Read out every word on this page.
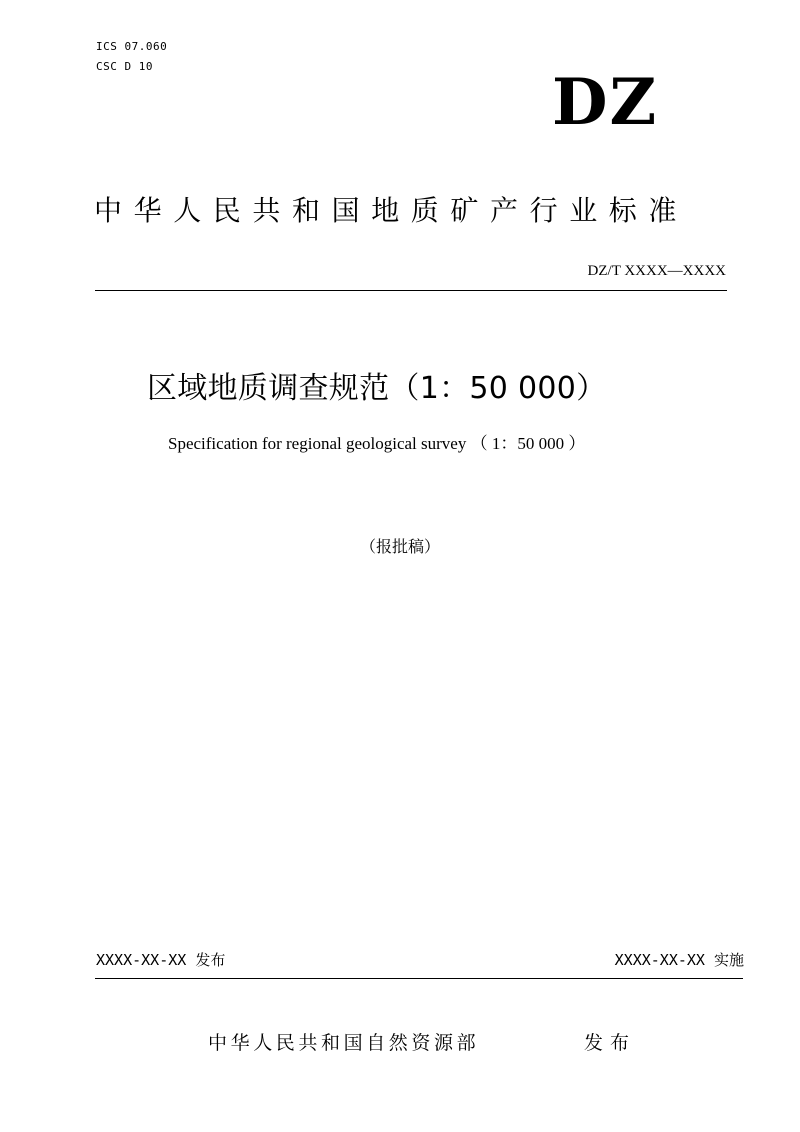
ICS 07.060
CSC D 10	DZ
中华人民共和国地质矿产行业标准
DZ/T XXXX—XXXX
区域地质调查规范（1：50 000）
Specification for regional geological survey （ 1：50 000 ）
（报批稿）
XXXX-XX-XX 发布	XXXX-XX-XX 实施
中华人民共和国自然资源部	发布
